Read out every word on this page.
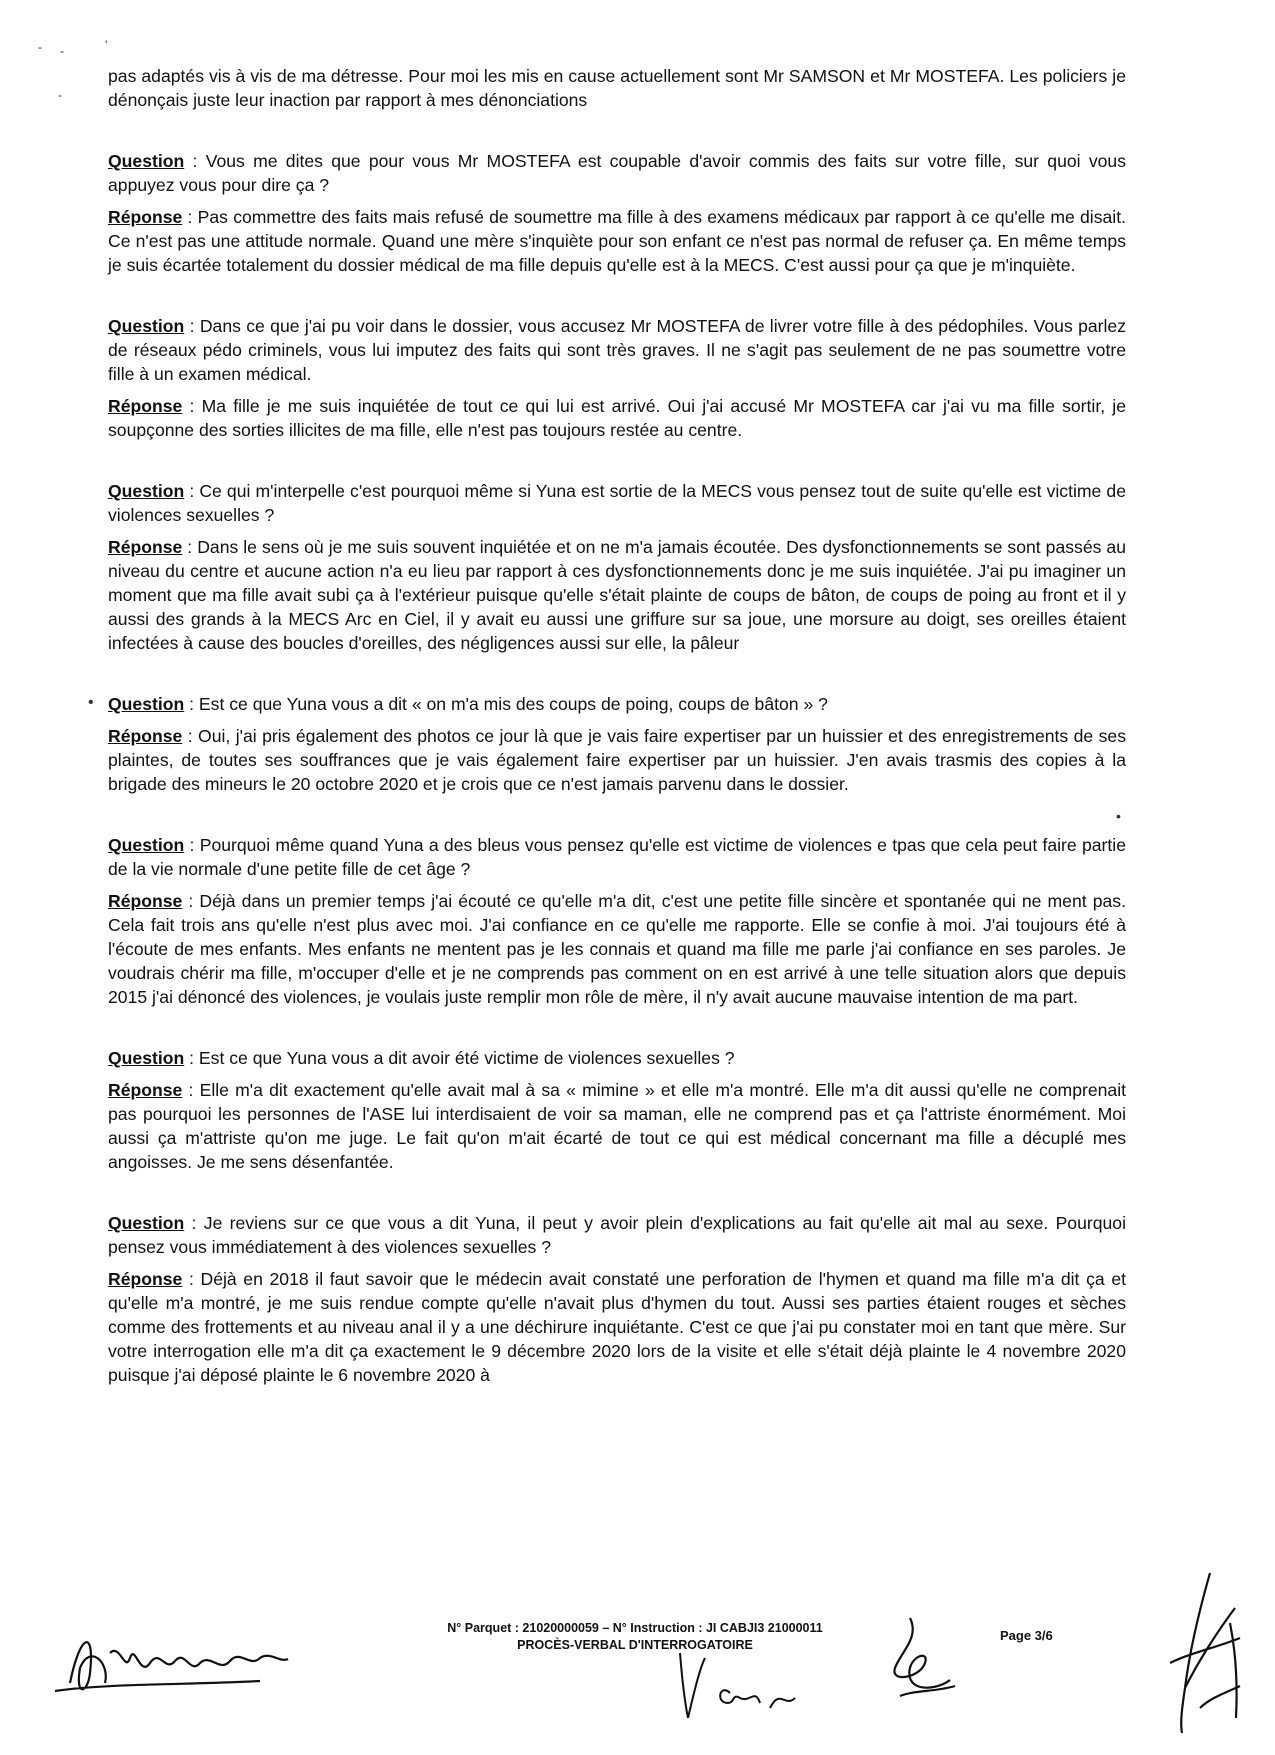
- -	'
-
•
•

pas adaptés vis à vis de ma détresse. Pour moi les mis en cause actuellement sont Mr SAMSON et Mr MOSTEFA. Les policiers je dénonçais juste leur inaction par rapport à mes dénonciations

Question : Vous me dites que pour vous Mr MOSTEFA est coupable d'avoir commis des faits sur votre fille, sur quoi vous appuyez vous pour dire ça ?

Réponse : Pas commettre des faits mais refusé de soumettre ma fille à des examens médicaux par rapport à ce qu'elle me disait. Ce n'est pas une attitude normale. Quand une mère s'inquiète pour son enfant ce n'est pas normal de refuser ça. En même temps je suis écartée totalement du dossier médical de ma fille depuis qu'elle est à la MECS. C'est aussi pour ça que je m'inquiète.

Question : Dans ce que j'ai pu voir dans le dossier, vous accusez Mr MOSTEFA de livrer votre fille à des pédophiles. Vous parlez de réseaux pédo criminels, vous lui imputez des faits qui sont très graves. Il ne s'agit pas seulement de ne pas soumettre votre fille à un examen médical.

Réponse : Ma fille je me suis inquiétée de tout ce qui lui est arrivé. Oui j'ai accusé Mr MOSTEFA car j'ai vu ma fille sortir, je soupçonne des sorties illicites de ma fille, elle n'est pas toujours restée au centre.

Question : Ce qui m'interpelle c'est pourquoi même si Yuna est sortie de la MECS vous pensez tout de suite qu'elle est victime de violences sexuelles ?

Réponse : Dans le sens où je me suis souvent inquiétée et on ne m'a jamais écoutée. Des dysfonctionnements se sont passés au niveau du centre et aucune action n'a eu lieu par rapport à ces dysfonctionnements donc je me suis inquiétée. J'ai pu imaginer un moment que ma fille avait subi ça à l'extérieur puisque qu'elle s'était plainte de coups de bâton, de coups de poing au front et il y aussi des grands à la MECS Arc en Ciel, il y avait eu aussi une griffure sur sa joue, une morsure au doigt, ses oreilles étaient infectées à cause des boucles d'oreilles, des négligences aussi sur elle, la pâleur

Question : Est ce que Yuna vous a dit « on m'a mis des coups de poing, coups de bâton » ?

Réponse : Oui, j'ai pris également des photos ce jour là que je vais faire expertiser par un huissier et des enregistrements de ses plaintes, de toutes ses souffrances que je vais également faire expertiser par un huissier. J'en avais trasmis des copies à la brigade des mineurs le 20 octobre 2020 et je crois que ce n'est jamais parvenu dans le dossier.

Question : Pourquoi même quand Yuna a des bleus vous pensez qu'elle est victime de violences e tpas que cela peut faire partie de la vie normale d'une petite fille de cet âge ?

Réponse : Déjà dans un premier temps j'ai écouté ce qu'elle m'a dit, c'est une petite fille sincère et spontanée qui ne ment pas. Cela fait trois ans qu'elle n'est plus avec moi. J'ai confiance en ce qu'elle me rapporte. Elle se confie à moi. J'ai toujours été à l'écoute de mes enfants. Mes enfants ne mentent pas je les connais et quand ma fille me parle j'ai confiance en ses paroles. Je voudrais chérir ma fille, m'occuper d'elle et je ne comprends pas comment on en est arrivé à une telle situation alors que depuis 2015 j'ai dénoncé des violences, je voulais juste remplir mon rôle de mère, il n'y avait aucune mauvaise intention de ma part.

Question : Est ce que Yuna vous a dit avoir été victime de violences sexuelles ?

Réponse : Elle m'a dit exactement qu'elle avait mal à sa « mimine » et elle m'a montré. Elle m'a dit aussi qu'elle ne comprenait pas pourquoi les personnes de l'ASE lui interdisaient de voir sa maman, elle ne comprend pas et ça l'attriste énormément. Moi aussi ça m'attriste qu'on me juge. Le fait qu'on m'ait écarté de tout ce qui est médical concernant ma fille a décuplé mes angoisses. Je me sens désenfantée.

Question : Je reviens sur ce que vous a dit Yuna, il peut y avoir plein d'explications au fait qu'elle ait mal au sexe. Pourquoi pensez vous immédiatement à des violences sexuelles ?

Réponse : Déjà en 2018 il faut savoir que le médecin avait constaté une perforation de l'hymen et quand ma fille m'a dit ça et qu'elle m'a montré, je me suis rendue compte qu'elle n'avait plus d'hymen du tout. Aussi ses parties étaient rouges et sèches comme des frottements et au niveau anal il y a une déchirure inquiétante. C'est ce que j'ai pu constater moi en tant que mère. Sur votre interrogation elle m'a dit ça exactement le 9 décembre 2020 lors de la visite et elle s'était déjà plainte le 4 novembre 2020 puisque j'ai déposé plainte le 6 novembre 2020 à

N° Parquet : 21020000059 – N° Instruction : JI CABJI3 21000011
PROCÈS-VERBAL D'INTERROGATOIRE
Page 3/6
